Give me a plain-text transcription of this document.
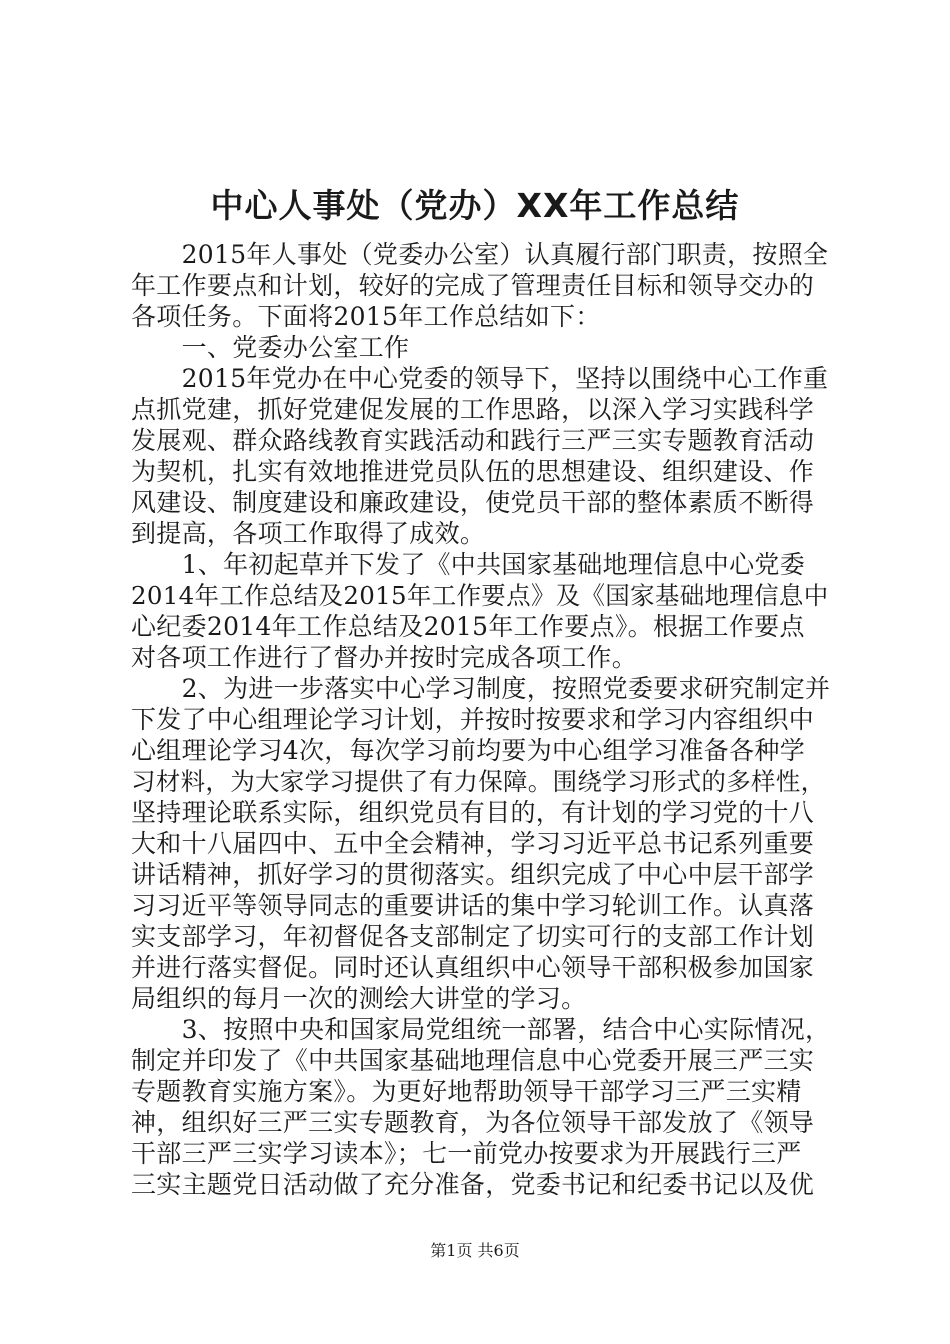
中心人事处（党办）XX年工作总结
　　2015年人事处（党委办公室）认真履行部门职责，按照全
年工作要点和计划，较好的完成了管理责任目标和领导交办的
各项任务。下面将2015年工作总结如下：
　　一、党委办公室工作
　　2015年党办在中心党委的领导下，坚持以围绕中心工作重
点抓党建，抓好党建促发展的工作思路，以深入学习实践科学
发展观、群众路线教育实践活动和践行三严三实专题教育活动
为契机，扎实有效地推进党员队伍的思想建设、组织建设、作
风建设、制度建设和廉政建设，使党员干部的整体素质不断得
到提高，各项工作取得了成效。
　　1、年初起草并下发了《中共国家基础地理信息中心党委
2014年工作总结及2015年工作要点》及《国家基础地理信息中
心纪委2014年工作总结及2015年工作要点》。根据工作要点
对各项工作进行了督办并按时完成各项工作。
　　2、为进一步落实中心学习制度，按照党委要求研究制定并
下发了中心组理论学习计划，并按时按要求和学习内容组织中
心组理论学习4次，每次学习前均要为中心组学习准备各种学
习材料，为大家学习提供了有力保障。围绕学习形式的多样性，
坚持理论联系实际，组织党员有目的，有计划的学习党的十八
大和十八届四中、五中全会精神，学习习近平总书记系列重要
讲话精神，抓好学习的贯彻落实。组织完成了中心中层干部学
习习近平等领导同志的重要讲话的集中学习轮训工作。认真落
实支部学习，年初督促各支部制定了切实可行的支部工作计划
并进行落实督促。同时还认真组织中心领导干部积极参加国家
局组织的每月一次的测绘大讲堂的学习。
　　3、按照中央和国家局党组统一部署，结合中心实际情况，
制定并印发了《中共国家基础地理信息中心党委开展三严三实
专题教育实施方案》。为更好地帮助领导干部学习三严三实精
神，组织好三严三实专题教育，为各位领导干部发放了《领导
干部三严三实学习读本》；七一前党办按要求为开展践行三严
三实主题党日活动做了充分准备，党委书记和纪委书记以及优
第1页 共6页
